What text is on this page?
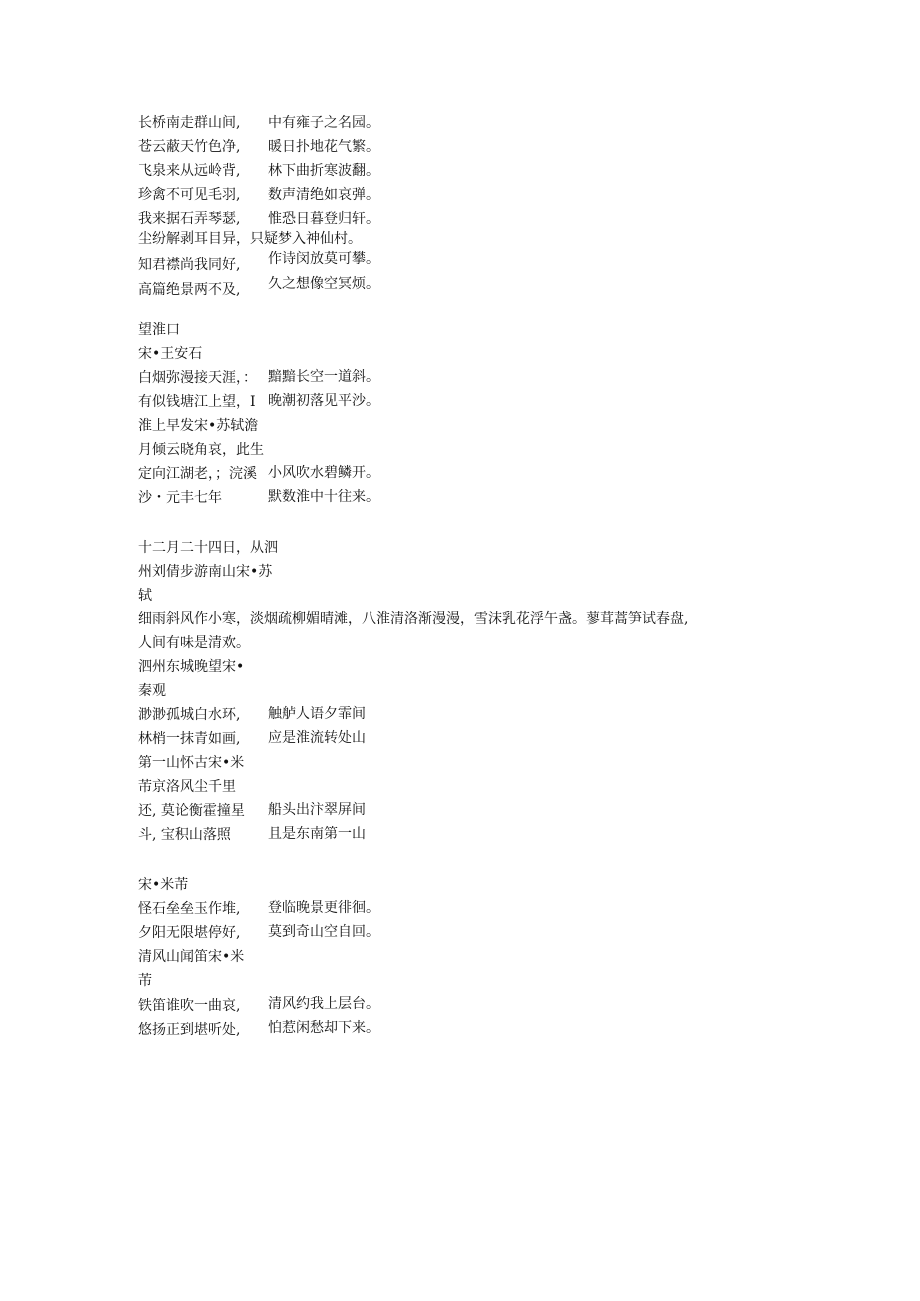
长桥南走群山间, 中有雍子之名园。
苍云蔽天竹色净, 暖日扑地花气繁。
飞泉来从远岭背, 林下曲折寒波翻。
珍禽不可见毛羽, 数声清绝如哀弹。
我来据石弄琴瑟, 惟恐日暮登归轩。
尘纷解剥耳目异，只疑梦入神仙村。
作诗闵放莫可攀。
知君襟尚我同好,
久之想像空冥烦。
高篇绝景两不及,
望淮口
宋•王安石
白烟弥漫接天涯，： 黯黯长空一道斜。
有似钱塘江上望，I 晚潮初落见平沙。
淮上早发宋•苏轼澹
月倾云晓角哀，此生
定向江湖老，；浣溪 小风吹水碧鳞开。
沙・元丰七年	默数淮中十往来。
十二月二十四日，从泗
州刘倩步游南山宋•苏
轼
细雨斜风作小寒，淡烟疏柳媚晴滩，八淮清洛渐漫漫，雪沫乳花浮午盏。蓼茸蒿笋试春盘,
人间有味是清欢。
泗州东城晚望宋•
秦观
渺渺孤城白水环, 触舻人语夕霏间
林梢一抹青如画, 应是淮流转处山
第一山怀古宋•米
芾京洛风尘千里
还, 莫论衡霍撞星 船头出汴翠屏间
斗, 宝积山落照	且是东南第一山
宋•米芾
怪石垒垒玉作堆, 登临晚景更徘徊。
夕阳无限堪停好, 莫到奇山空自回。
清风山闻笛宋•米
芾
铁笛谁吹一曲哀, 清风约我上层台。
悠扬正到堪听处, 怕惹闲愁却下来。
